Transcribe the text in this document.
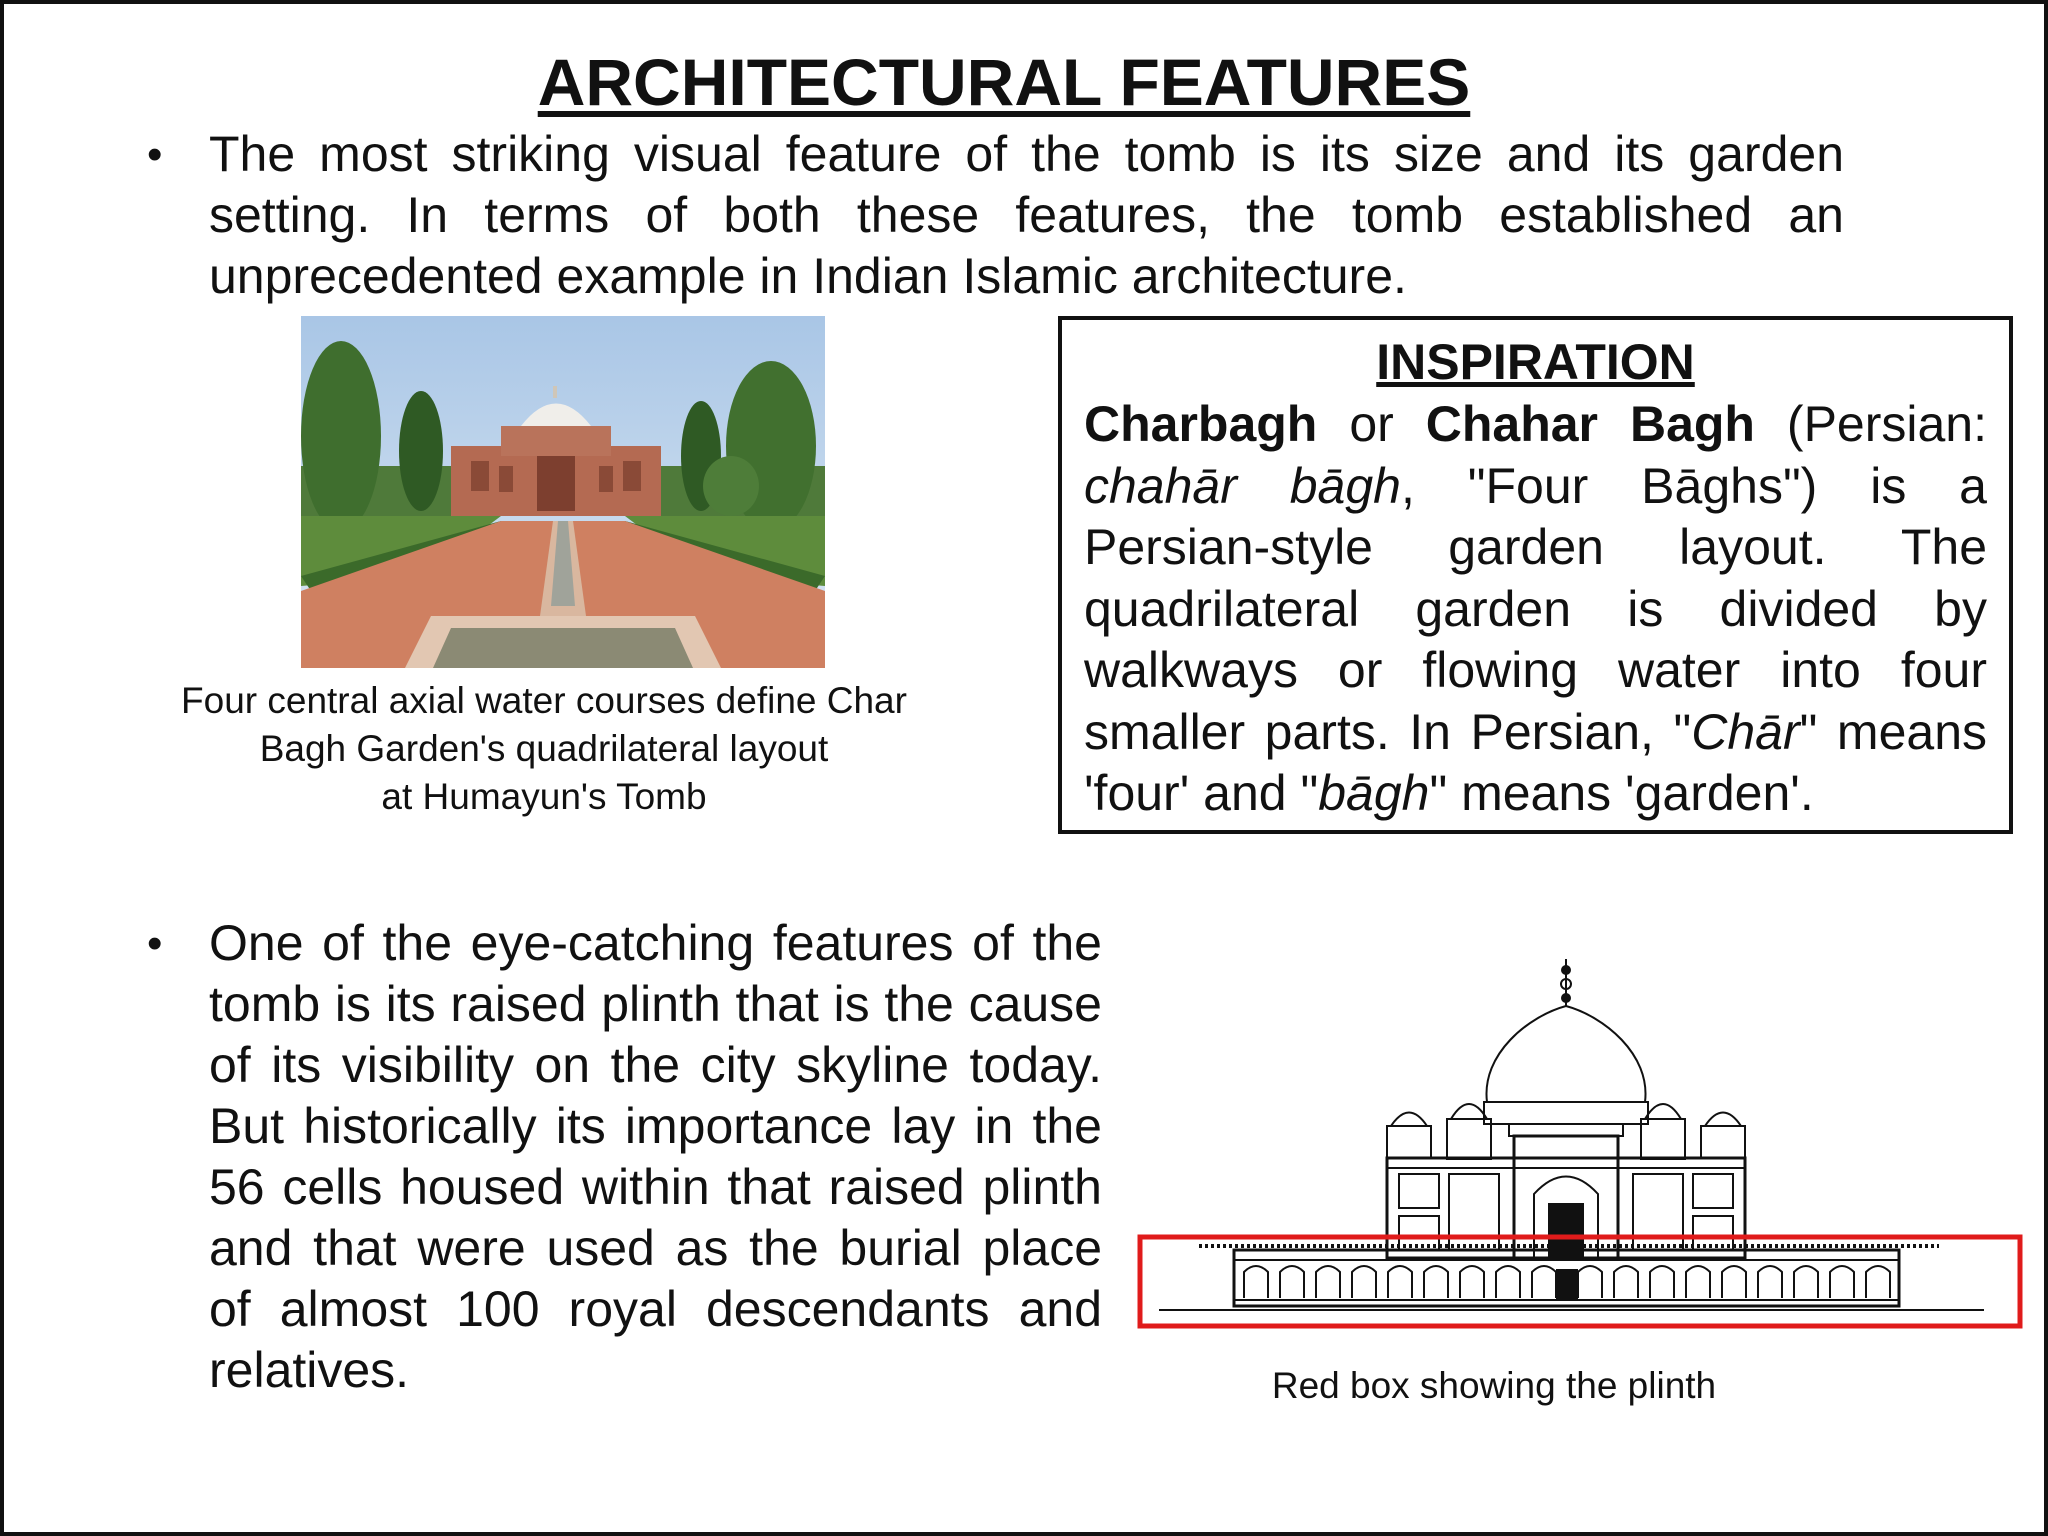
ARCHITECTURAL FEATURES
• The most striking visual feature of the tomb is its size and its garden setting. In terms of both these features, the tomb established an unprecedented example in Indian Islamic architecture.
Four central axial water courses define Char
Bagh Garden's quadrilateral layout
at Humayun's Tomb
INSPIRATION
Charbagh or Chahar Bagh (Persian: chahār bāgh, "Four Bāghs") is a Persian-style garden layout. The quadrilateral garden is divided by walkways or flowing water into four smaller parts. In Persian, "Chār" means 'four' and "bāgh" means 'garden'.
• One of the eye-catching features of the tomb is its raised plinth that is the cause of its visibility on the city skyline today. But historically its importance lay in the 56 cells housed within that raised plinth and that were used as the burial place of almost 100 royal descendants and relatives.	Red box showing the plinth
